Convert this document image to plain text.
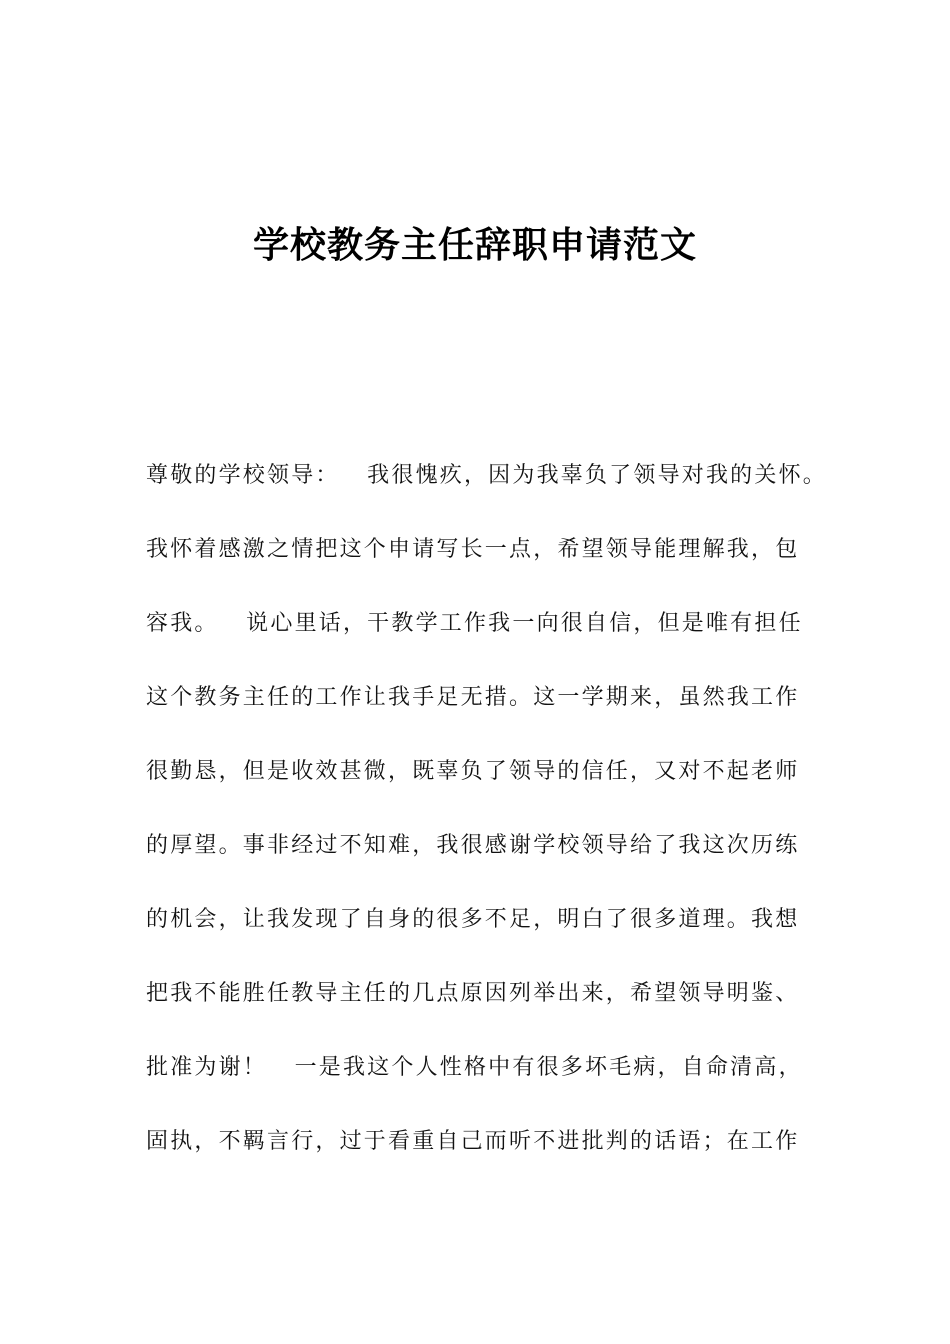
学校教务主任辞职申请范文
尊敬的学校领导：   我很愧疚，因为我辜负了领导对我的关怀。
我怀着感激之情把这个申请写长一点，希望领导能理解我，包
容我。   说心里话，干教学工作我一向很自信，但是唯有担任
这个教务主任的工作让我手足无措。这一学期来，虽然我工作
很勤恳，但是收效甚微，既辜负了领导的信任，又对不起老师
的厚望。事非经过不知难，我很感谢学校领导给了我这次历练
的机会，让我发现了自身的很多不足，明白了很多道理。我想
把我不能胜任教导主任的几点原因列举出来，希望领导明鉴、
批准为谢！   一是我这个人性格中有很多坏毛病，自命清高，
固执，不羁言行，过于看重自己而听不进批判的话语；在工作
